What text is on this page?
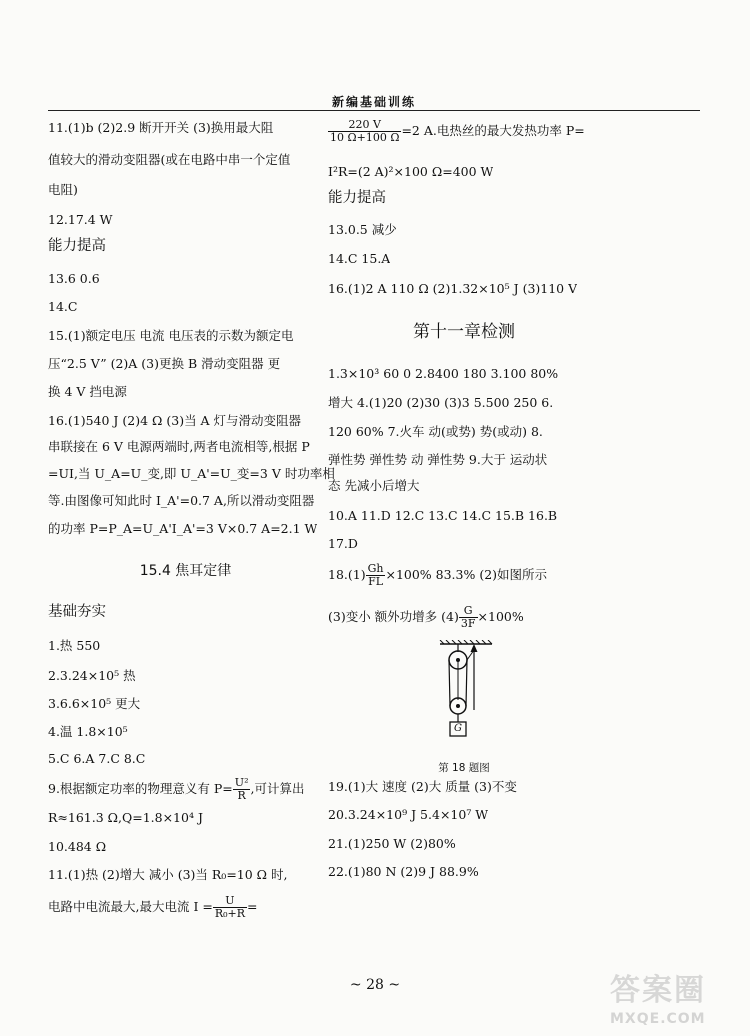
新编基础训练
11.(1)b (2)2.9 断开开关 (3)换用最大阻
值较大的滑动变阻器(或在电路中串一个定值
电阻)
12.17.4 W
能力提高
13.6 0.6
14.C
15.(1)额定电压 电流 电压表的示数为额定电
压“2.5 V” (2)A (3)更换 B 滑动变阻器 更
换 4 V 挡电源
16.(1)540 J (2)4 Ω (3)当 A 灯与滑动变阻器
串联接在 6 V 电源两端时,两者电流相等,根据 P
=UI,当 U_A=U_变,即 U_A'=U_变=3 V 时功率相
等.由图像可知此时 I_A'=0.7 A,所以滑动变阻器
的功率 P=P_A=U_A'I_A'=3 V×0.7 A=2.1 W
15.4 焦耳定律
基础夯实
1.热 550
2.3.24×10⁵ 热
3.6.6×10⁵ 更大
4.温 1.8×10⁵
5.C 6.A 7.C 8.C
9.根据额定功率的物理意义有 $P= \frac{\text{U²}}{R}$ ,可计算出
R≈161.3 Ω,Q=1.8×10⁴ J
10.484 Ω
11.(1)热 (2)增大 减小 (3)当 R₀=10 Ω 时,
电路中电流最大,最大电流 $I = \frac{U}{\text{R₀+R}}$ =
$\frac{220 V}{10 \Omega+100 \Omega} =2$ A.电热丝的最大发热功率 P=
I²R=(2 A)²×100 Ω=400 W
能力提高
13.0.5 减少
14.C 15.A
16.(1)2 A 110 Ω (2)1.32×10⁵ J (3)110 V
第十一章检测
1.3×10³ 60 0 2.8400 180 3.100 80%
增大 4.(1)20 (2)30 (3)3 5.500 250 6.
120 60% 7.火车 动(或势) 势(或动) 8.
弹性势 弹性势 动 弹性势 9.大于 运动状
态 先减小后增大
10.A 11.D 12.C 13.C 14.C 15.B 16.B
17.D
$18.(1) \frac{Gh}{FL} \times 100\%$ 83.3% (2)如图所示
(3)变小 额外功增多 $(4) \frac{G}{3F} \times 100\%$
G
第 18 题图
19.(1)大 速度 (2)大 质量 (3)不变
20.3.24×10⁹ J 5.4×10⁷ W
21.(1)250 W (2)80%
22.(1)80 N (2)9 J 88.9%
~ 28 ~	答案圈
MXQE.COM
